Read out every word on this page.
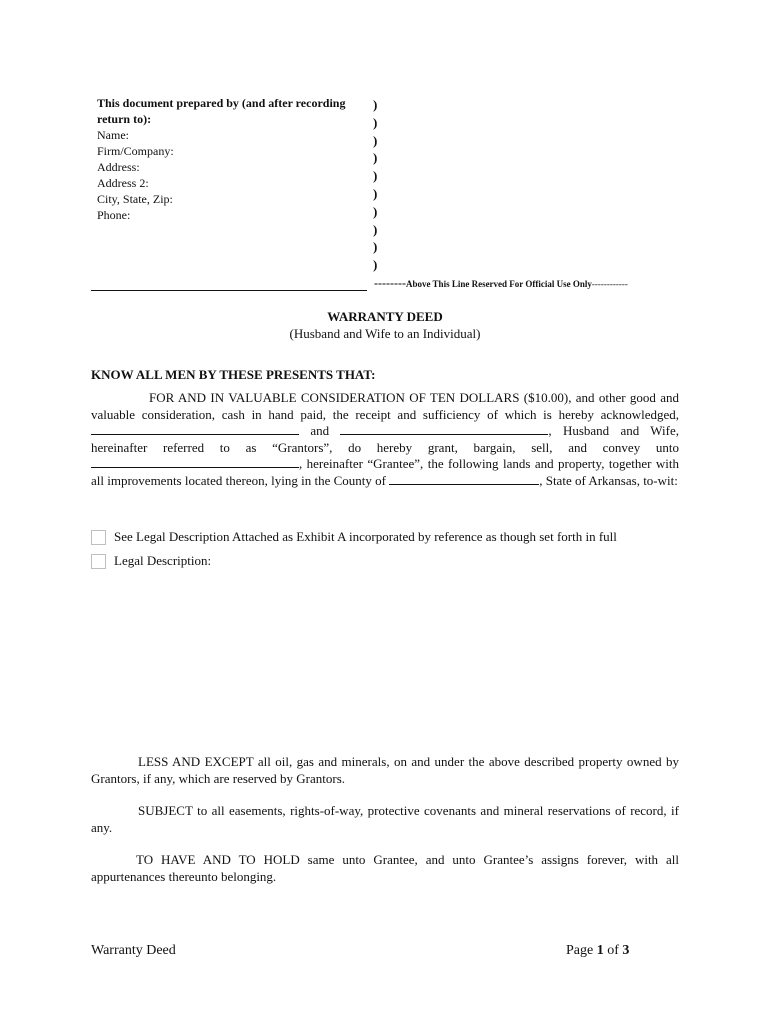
This document prepared by (and after recording return to):
Name:
Firm/Company:
Address:
Address 2:
City, State, Zip:
Phone:
)
)
)
)
)
)
)
)
)
)
--------Above This Line Reserved For Official Use Only------------
WARRANTY DEED
(Husband and Wife to an Individual)
KNOW ALL MEN BY THESE PRESENTS THAT:
FOR AND IN VALUABLE CONSIDERATION OF TEN DOLLARS ($10.00), and other good and valuable consideration, cash in hand paid, the receipt and sufficiency of which is hereby acknowledged,  and	, Husband and Wife, hereinafter referred to as “Grantors”, do hereby grant, bargain, sell, and convey unto , hereinafter “Grantee”, the following lands and property, together with all improvements located thereon, lying in the County of	, State of Arkansas, to-wit:
See Legal Description Attached as Exhibit A incorporated by reference as though set forth in full
Legal Description:
LESS AND EXCEPT all oil, gas and minerals, on and under the above described property owned by Grantors, if any, which are reserved by Grantors.
SUBJECT to all easements, rights-of-way, protective covenants and mineral reservations of record, if any.
TO HAVE AND TO HOLD same unto Grantee, and unto Grantee’s assigns forever, with all appurtenances thereunto belonging.
Warranty Deed	Page 1 of 3
